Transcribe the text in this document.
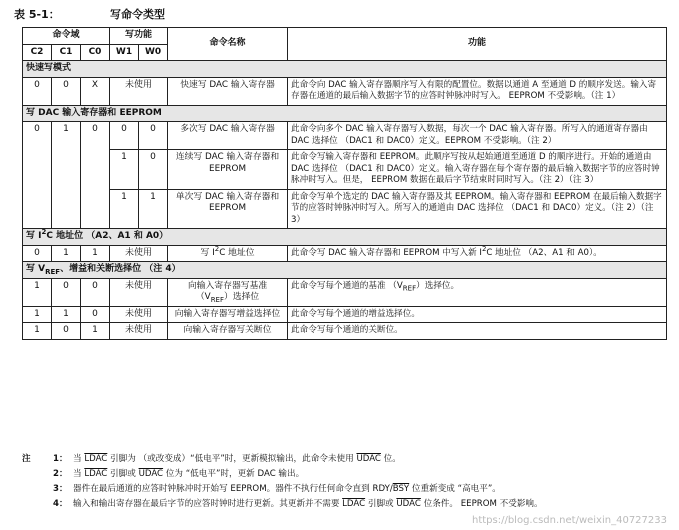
表 5-1：	写命令类型
命令域			写功能		命令名称	功能
C2	C1	C0	W1	W0		
快速写模式						
0	0	X	未使用		快速写 DAC 输入寄存器	此命令向 DAC 输入寄存器顺序写入有限的配置位。数据以通道 A 至通道 D 的顺序发送。输入寄存器在通道的最后输入数据字节的应答时钟脉冲时写入。 EEPROM 不受影响。（注 1）
写 DAC 输入寄存器和 EEPROM						
0	1	0	0	0	多次写 DAC 输入寄存器	此命令向多个 DAC 输入寄存器写入数据，每次一个 DAC 输入寄存器。所写入的通道寄存器由 DAC 选择位 （DAC1 和 DAC0）定义。EEPROM 不受影响。（注 2）
			1	0	连续写 DAC 输入寄存器和 EEPROM	此命令写输入寄存器和 EEPROM。此顺序写按从起始通道至通道 D 的顺序进行。开始的通道由 DAC 选择位 （DAC1 和 DAC0）定义。输入寄存器在每个寄存器的最后输入数据字节的应答时钟脉冲时写入。但是， EEPROM 数据在最后字节结束时同时写入。（注 2）（注 3）
			1	1	单次写 DAC 输入寄存器和 EEPROM	此命令写单个选定的 DAC 输入寄存器及其 EEPROM。输入寄存器和 EEPROM 在最后输入数据字节的应答时钟脉冲时写入。所写入的通道由 DAC 选择位 （DAC1 和 DAC0）定义。（注 2）（注 3）
写 $I^2C$ 地址位 （A2、A1 和 A0）						
0	1	1	未使用		写 $I^2C$ 地址位	此命令写 DAC 输入寄存器和 EEPROM 中写入新 $I^2C$ 地址位 （A2、A1 和 A0）。
写 $V_{REF}$、增益和关断选择位 （注 4）						
1	0	0	未使用		向输入寄存器写基准 $(V_{REF})$选择位	此命令写每个通道的基准 $(V_{REF})$选择位。
1	1	0	未使用		向输入寄存器写增益选择位	此命令写每个通道的增益选择位。
1	0	1	未使用		向输入寄存器写关断位	此命令写每个通道的关断位。
注	1： 当 LDAC 引脚为 （或改变成）“低电平”时，更新模拟输出，此命令未使用 UDAC 位。
2： 当 LDAC 引脚或 UDAC 位为 “低电平”时，更新 DAC 输出。
3： 器件在最后通道的应答时钟脉冲时开始写 EEPROM。器件不执行任何命令直到 RDY/$\overline{BSY}$ 位重新变成 “高电平”。
4： 输入和输出寄存器在最后字节的应答时钟时进行更新。其更新并不需要 LDAC 引脚或 UDAC 位条件。 EEPROM 不受影响。
https://blog.csdn.net/weixin_40727233
